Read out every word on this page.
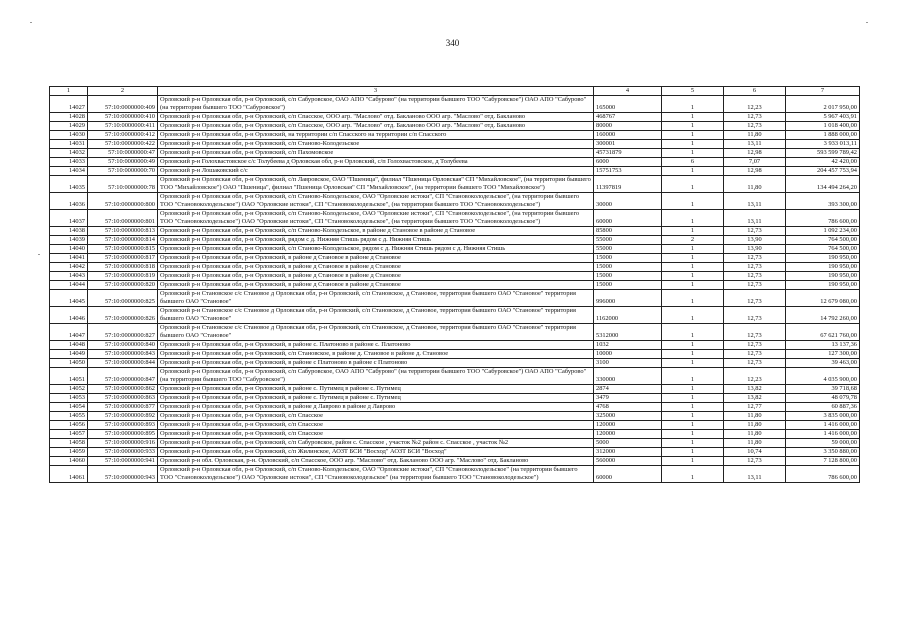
340
1	2	3	4	5	6	7
14027	57:10:0000000:409	Орловский р-н Орловская обл, р-н Орловский, с/п Сабуровское, ОАО АПО "Сабурово" (на территории бывшего ТОО "Сабуровское") ОАО АПО "Сабурово" (на территории бывшего ТОО "Сабуровское")	165000	1	12,23	2 017 950,00
14028	57:10:0000000:410	Орловский р-н Орловская обл, р-н Орловский, с/п Спасское, ООО агр. "Маслово" отд. Бакланово ООО агр. "Маслово" отд. Бакланово	468767	1	12,73	5 967 403,91
14029	57:10:0000000:411	Орловский р-н Орловская обл, р-н Орловский, с/п Спасское, ООО агр. "Маслово" отд. Бакланово ООО агр. "Маслово" отд. Бакланово	80000	1	12,73	1 018 400,00
14030	57:10:0000000:412	Орловский р-н Орловская обл, р-н Орловский, на территории с/п Спасского на территории с/п Спасского	160000	1	11,80	1 888 000,00
14031	57:10:0000000:422	Орловский р-н Орловская обл, р-н Орловский, с/п Станово-Колодезьское	300001	1	13,11	3 933 013,11
14032	57:10:0000000:47	Орловский р-н Орловская обл, р-н Орловский, с/п Пахомовское	45731879	1	12,98	593 599 789,42
14033	57:10:0000000:49	Орловский р-н Голохвастовское с/с Толубеева д Орловская обл, р-н Орловский, с/п Голохвастовское, д Толубеева	6000	6	7,07	42 420,00
14034	57:10:0000000:70	Орловский р-н Лошаковский с/с	15751753	1	12,98	204 457 753,94
14035	57:10:0000000:78	Орловский р-н Орловская обл, р-н Орловский, с/п Лавровское, ОАО "Пшеница", филиал "Пшеница Орловская" СП "Михайловское", (на территории бывшего ТОО "Михайловское") ОАО "Пшеница", филиал "Пшеница Орловская" СП "Михайловское", (на территории бывшего ТОО "Михайловское")	11397819	1	11,80	134 494 264,20
14036	57:10:0000000:800	Орловский р-н Орловская обл, р-н Орловский, с/п Станово-Колодезьское, ОАО "Орловские истоки", СП "Становоколодезьское", (на территории бывшего ТОО "Становоколодезьское") ОАО "Орловские истоки", СП "Становоколодезьское", (на территории бывшего ТОО "Становоколодезьское")	30000	1	13,11	393 300,00
14037	57:10:0000000:801	Орловский р-н Орловская обл, р-н Орловский, с/п Станово-Колодезьское, ОАО "Орловские истоки", СП "Становоколодезьское", (на территории бывшего ТОО "Становоколодезьское") ОАО "Орловские истоки", СП "Становоколодезьское", (на территории бывшего ТОО "Становоколодезьское")	60000	1	13,11	786 600,00
14038	57:10:0000000:813	Орловский р-н Орловская обл, р-н Орловский, с/п Станово-Колодезьское, в районе д Становое в районе д Становое	85800	1	12,73	1 092 234,00
14039	57:10:0000000:814	Орловский р-н Орловская обл, р-н Орловский, рядом с д. Нижняя Стишь рядом с д. Нижняя Стишь	55000	2	13,90	764 500,00
14040	57:10:0000000:815	Орловский р-н Орловская обл, р-н Орловский, с/п Станово-Колодезьское, рядом с д. Нижняя Стишь рядом с д. Нижняя Стишь	55000	1	13,90	764 500,00
14041	57:10:0000000:817	Орловский р-н Орловская обл, р-н Орловский, в районе д Становое в районе д Становое	15000	1	12,73	190 950,00
14042	57:10:0000000:818	Орловский р-н Орловская обл, р-н Орловский, в районе д Становое в районе д Становое	15000	1	12,73	190 950,00
14043	57:10:0000000:819	Орловский р-н Орловская обл, р-н Орловский, в районе д Становое в районе д Становое	15000	1	12,73	190 950,00
14044	57:10:0000000:820	Орловский р-н Орловская обл, р-н Орловский, в районе д Становое в районе д Становое	15000	1	12,73	190 950,00
14045	57:10:0000000:825	Орловский р-н Становское с/с Становое д Орловская обл, р-н Орловский, с/п Становское, д Становое, территория бывшего ОАО "Становое" территория бывшего ОАО "Становое"	996000	1	12,73	12 679 080,00
14046	57:10:0000000:826	Орловский р-н Становское с/с Становое д Орловская обл, р-н Орловский, с/п Становское, д Становое, территория бывшего ОАО "Становое" территория бывшего ОАО "Становое"	1162000	1	12,73	14 792 260,00
14047	57:10:0000000:827	Орловский р-н Становское с/с Становое д Орловская обл, р-н Орловский, с/п Становское, д Становое, территория бывшего ОАО "Становое" территория бывшего ОАО "Становое"	5312000	1	12,73	67 621 760,00
14048	57:10:0000000:840	Орловский р-н Орловская обл, р-н Орловский, в районе с. Платоново в районе с. Платоново	1032	1	12,73	13 137,36
14049	57:10:0000000:843	Орловский р-н Орловская обл, р-н Орловский, с/п Становское, в районе д. Становое в районе д. Становое	10000	1	12,73	127 300,00
14050	57:10:0000000:844	Орловский р-н Орловская обл, р-н Орловский, в районе с Платоново в районе с Платоново	3100	1	12,73	39 463,00
14051	57:10:0000000:847	Орловский р-н Орловская обл, р-н Орловский, с/п Сабуровское, ОАО АПО "Сабурово" (на территории бывшего ТОО "Сабуровское") ОАО АПО "Сабурово" (на территории бывшего ТОО "Сабуровское")	330000	1	12,23	4 035 900,00
14052	57:10:0000000:862	Орловский р-н Орловская обл, р-н Орловский, в районе с. Путимец в районе с. Путимец	2874	1	13,82	39 718,68
14053	57:10:0000000:863	Орловский р-н Орловская обл, р-н Орловский, в районе с. Путимец в районе с. Путимец	3479	1	13,82	48 079,78
14054	57:10:0000000:877	Орловский р-н Орловская обл, р-н Орловский, в районе д Лаврово в районе д Лаврово	4768	1	12,77	60 887,36
14055	57:10:0000000:892	Орловский р-н Орловская обл, р-н Орловский, с/п Спасское	325000	1	11,80	3 835 000,00
14056	57:10:0000000:893	Орловский р-н Орловская обл, р-н Орловский, с/п Спасское	120000	1	11,80	1 416 000,00
14057	57:10:0000000:895	Орловский р-н Орловская обл, р-н Орловский, с/п Спасское	120000	1	11,80	1 416 000,00
14058	57:10:0000000:916	Орловский р-н Орловская обл, р-н Орловский, с/п Сабуровское, район с. Спасское , участок №2 район с. Спасское , участок №2	5000	1	11,80	59 000,00
14059	57:10:0000000:933	Орловский р-н Орловская обл, р-н Орловский, с/п Жилинское, АОЗТ БСИ "Восход" АОЗТ БСИ "Восход"	312000	1	10,74	3 350 880,00
14060	57:10:0000000:941	Орловский р-н обл. Орловская, р-н. Орловский, с/п Спасское, ООО агр. "Маслово" отд. Бакланово ООО агр. "Маслово" отд. Бакланово	560000	1	12,73	7 128 800,00
14061	57:10:0000000:943	Орловский р-н Орловская обл, р-н Орловский, с/п Станово-Колодезьское, ОАО "Орловские истоки", СП "Становоколодезьское" (на территории бывшего ТОО "Становоколодезьское") ОАО "Орловские истоки", СП "Становоколодезьское" (на территории бывшего ТОО "Становоколодезьское")	60000	1	13,11	786 600,00
